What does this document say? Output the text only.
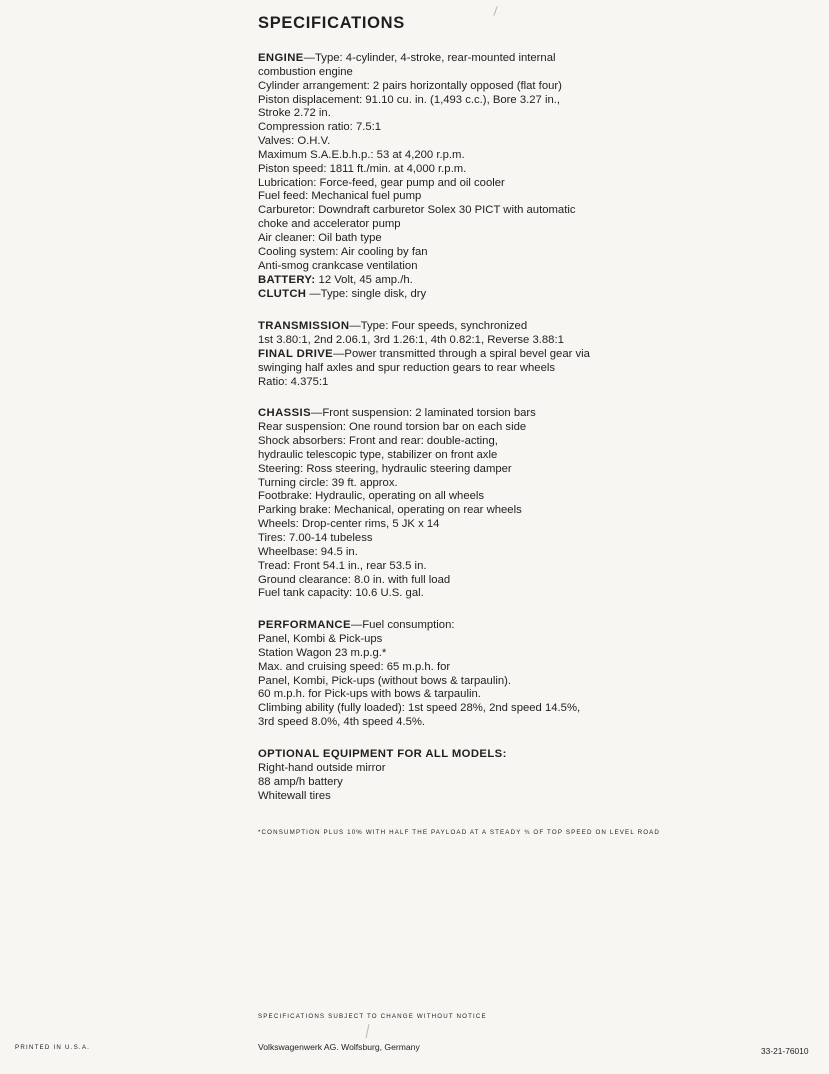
SPECIFICATIONS
ENGINE—Type: 4-cylinder, 4-stroke, rear-mounted internal
combustion engine
Cylinder arrangement: 2 pairs horizontally opposed (flat four)
Piston displacement: 91.10 cu. in. (1,493 c.c.), Bore 3.27 in.,
Stroke 2.72 in.
Compression ratio: 7.5:1
Valves: O.H.V.
Maximum S.A.E.b.h.p.: 53 at 4,200 r.p.m.
Piston speed: 1811 ft./min. at 4,000 r.p.m.
Lubrication: Force-feed, gear pump and oil cooler
Fuel feed: Mechanical fuel pump
Carburetor: Downdraft carburetor Solex 30 PICT with automatic
choke and accelerator pump
Air cleaner: Oil bath type
Cooling system: Air cooling by fan
Anti-smog crankcase ventilation
BATTERY: 12 Volt, 45 amp./h.
CLUTCH —Type: single disk, dry
TRANSMISSION—Type: Four speeds, synchronized
1st 3.80:1, 2nd 2.06.1, 3rd 1.26:1, 4th 0.82:1, Reverse 3.88:1
FINAL DRIVE—Power transmitted through a spiral bevel gear via
swinging half axles and spur reduction gears to rear wheels
Ratio: 4.375:1
CHASSIS—Front suspension: 2 laminated torsion bars
Rear suspension: One round torsion bar on each side
Shock absorbers: Front and rear: double-acting,
hydraulic telescopic type, stabilizer on front axle
Steering: Ross steering, hydraulic steering damper
Turning circle: 39 ft. approx.
Footbrake: Hydraulic, operating on all wheels
Parking brake: Mechanical, operating on rear wheels
Wheels: Drop-center rims, 5 JK x 14
Tires: 7.00-14 tubeless
Wheelbase: 94.5 in.
Tread: Front 54.1 in., rear 53.5 in.
Ground clearance: 8.0 in. with full load
Fuel tank capacity: 10.6 U.S. gal.
PERFORMANCE—Fuel consumption:
Panel, Kombi & Pick-ups
Station Wagon 23 m.p.g.*
Max. and cruising speed: 65 m.p.h. for
Panel, Kombi, Pick-ups (without bows & tarpaulin).
60 m.p.h. for Pick-ups with bows & tarpaulin.
Climbing ability (fully loaded): 1st speed 28%, 2nd speed 14.5%,
3rd speed 8.0%, 4th speed 4.5%.
OPTIONAL EQUIPMENT FOR ALL MODELS:
Right-hand outside mirror
88 amp/h battery
Whitewall tires
*CONSUMPTION PLUS 10% WITH HALF THE PAYLOAD AT A STEADY ¾ OF TOP SPEED ON LEVEL ROAD
SPECIFICATIONS SUBJECT TO CHANGE WITHOUT NOTICE
PRINTED IN U.S.A.	Volkswagenwerk AG. Wolfsburg, Germany	33-21-76010
